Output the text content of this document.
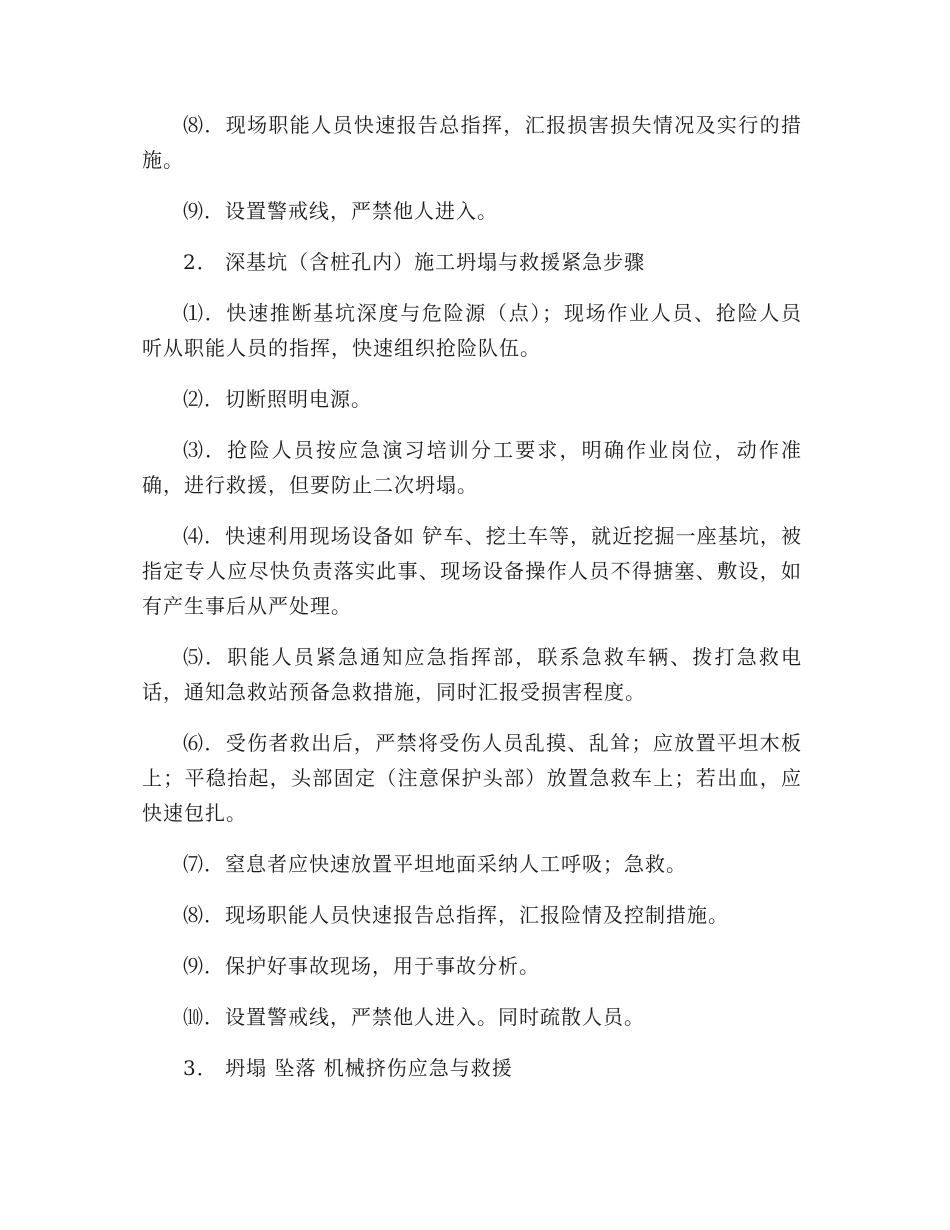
⑻．现场职能人员快速报告总指挥，汇报损害损失情况及实行的措施。

⑼．设置警戒线，严禁他人进入。

2． 深基坑（含桩孔内）施工坍塌与救援紧急步骤

⑴．快速推断基坑深度与危险源（点）；现场作业人员、抢险人员听从职能人员的指挥，快速组织抢险队伍。

⑵．切断照明电源。

⑶．抢险人员按应急演习培训分工要求，明确作业岗位，动作准确，进行救援，但要防止二次坍塌。

⑷．快速利用现场设备如 铲车、挖土车等，就近挖掘一座基坑，被指定专人应尽快负责落实此事、现场设备操作人员不得搪塞、敷设，如有产生事后从严处理。

⑸．职能人员紧急通知应急指挥部，联系急救车辆、拨打急救电话，通知急救站预备急救措施，同时汇报受损害程度。

⑹．受伤者救出后，严禁将受伤人员乱摸、乱耸；应放置平坦木板上；平稳抬起，头部固定（注意保护头部）放置急救车上；若出血，应快速包扎。

⑺．窒息者应快速放置平坦地面采纳人工呼吸；急救。

⑻．现场职能人员快速报告总指挥，汇报险情及控制措施。

⑼．保护好事故现场，用于事故分析。

⑽．设置警戒线，严禁他人进入。同时疏散人员。

3． 坍塌 坠落 机械挤伤应急与救援
